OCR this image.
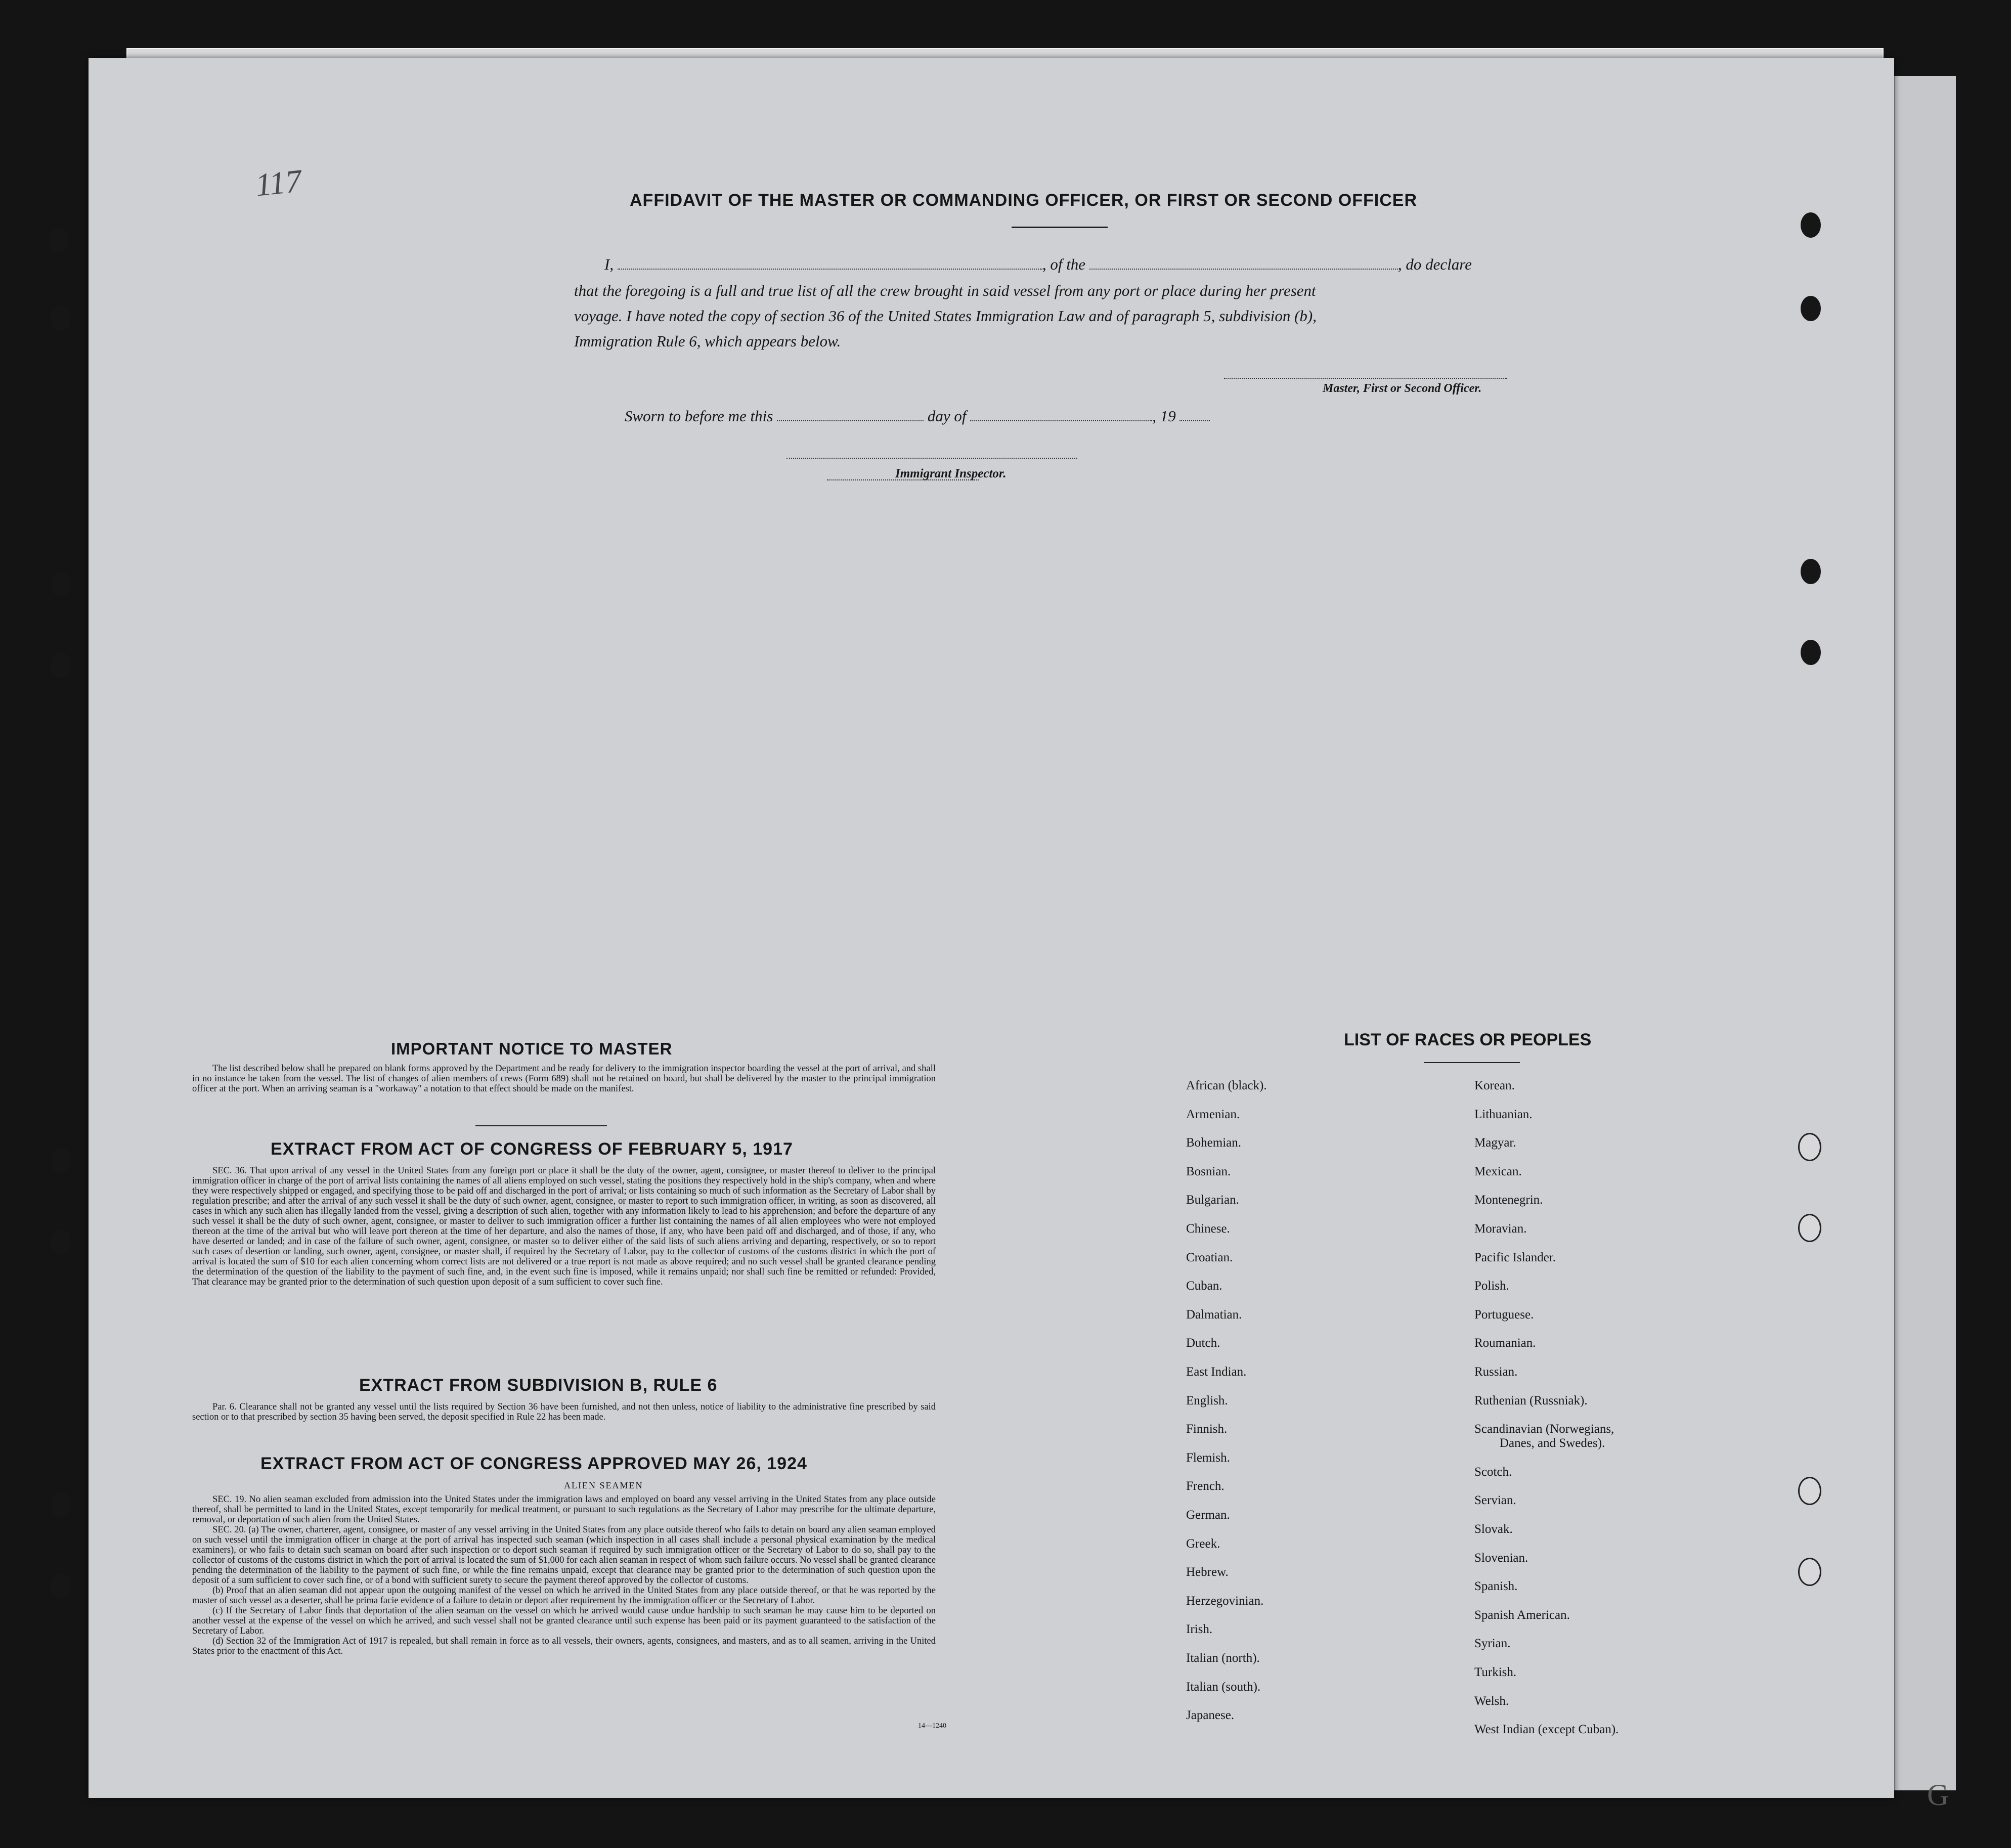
117	AFFIDAVIT OF THE MASTER OR COMMANDING OFFICER, OR FIRST OR SECOND OFFICER
I,	, of the	, do declare
that the foregoing is a full and true list of all the crew brought in said vessel from any port or place during her present
voyage. I have noted the copy of section 36 of the United States Immigration Law and of paragraph 5, subdivision (b),
Immigration Rule 6, which appears below.
Master, First or Second Officer.
Sworn to before me this	day of	, 19
Immigrant Inspector.
IMPORTANT NOTICE TO MASTER

The list described below shall be prepared on blank forms approved by the Department and be ready for delivery to the immigration inspector boarding the vessel at the port of arrival, and shall in no instance be taken from the vessel. The list of changes of alien members of crews (Form 689) shall not be retained on board, but shall be delivered by the master to the principal immigration officer at the port. When an arriving seaman is a "workaway" a notation to that effect should be made on the manifest.

EXTRACT FROM ACT OF CONGRESS OF FEBRUARY 5, 1917

SEC. 36. That upon arrival of any vessel in the United States from any foreign port or place it shall be the duty of the owner, agent, consignee, or master thereof to deliver to the principal immigration officer in charge of the port of arrival lists containing the names of all aliens employed on such vessel, stating the positions they respectively hold in the ship's company, when and where they were respectively shipped or engaged, and specifying those to be paid off and discharged in the port of arrival; or lists containing so much of such information as the Secretary of Labor shall by regulation prescribe; and after the arrival of any such vessel it shall be the duty of such owner, agent, consignee, or master to report to such immigration officer, in writing, as soon as discovered, all cases in which any such alien has illegally landed from the vessel, giving a description of such alien, together with any information likely to lead to his apprehension; and before the departure of any such vessel it shall be the duty of such owner, agent, consignee, or master to deliver to such immigration officer a further list containing the names of all alien employees who were not employed thereon at the time of the arrival but who will leave port thereon at the time of her departure, and also the names of those, if any, who have been paid off and discharged, and of those, if any, who have deserted or landed; and in case of the failure of such owner, agent, consignee, or master so to deliver either of the said lists of such aliens arriving and departing, respectively, or so to report such cases of desertion or landing, such owner, agent, consignee, or master shall, if required by the Secretary of Labor, pay to the collector of customs of the customs district in which the port of arrival is located the sum of $10 for each alien concerning whom correct lists are not delivered or a true report is not made as above required; and no such vessel shall be granted clearance pending the determination of the question of the liability to the payment of such fine, and, in the event such fine is imposed, while it remains unpaid; nor shall such fine be remitted or refunded: Provided, That clearance may be granted prior to the determination of such question upon deposit of a sum sufficient to cover such fine.

EXTRACT FROM SUBDIVISION B, RULE 6

Par. 6. Clearance shall not be granted any vessel until the lists required by Section 36 have been furnished, and not then unless, notice of liability to the administrative fine prescribed by said section or to that prescribed by section 35 having been served, the deposit specified in Rule 22 has been made.

EXTRACT FROM ACT OF CONGRESS APPROVED MAY 26, 1924
ALIEN SEAMEN

SEC. 19. No alien seaman excluded from admission into the United States under the immigration laws and employed on board any vessel arriving in the United States from any place outside thereof, shall be permitted to land in the United States, except temporarily for medical treatment, or pursuant to such regulations as the Secretary of Labor may prescribe for the ultimate departure, removal, or deportation of such alien from the United States.

SEC. 20. (a) The owner, charterer, agent, consignee, or master of any vessel arriving in the United States from any place outside thereof who fails to detain on board any alien seaman employed on such vessel until the immigration officer in charge at the port of arrival has inspected such seaman (which inspection in all cases shall include a personal physical examination by the medical examiners), or who fails to detain such seaman on board after such inspection or to deport such seaman if required by such immigration officer or the Secretary of Labor to do so, shall pay to the collector of customs of the customs district in which the port of arrival is located the sum of $1,000 for each alien seaman in respect of whom such failure occurs. No vessel shall be granted clearance pending the determination of the liability to the payment of such fine, or while the fine remains unpaid, except that clearance may be granted prior to the determination of such question upon the deposit of a sum sufficient to cover such fine, or of a bond with sufficient surety to secure the payment thereof approved by the collector of customs.

(b) Proof that an alien seaman did not appear upon the outgoing manifest of the vessel on which he arrived in the United States from any place outside thereof, or that he was reported by the master of such vessel as a deserter, shall be prima facie evidence of a failure to detain or deport after requirement by the immigration officer or the Secretary of Labor.

(c) If the Secretary of Labor finds that deportation of the alien seaman on the vessel on which he arrived would cause undue hardship to such seaman he may cause him to be deported on another vessel at the expense of the vessel on which he arrived, and such vessel shall not be granted clearance until such expense has been paid or its payment guaranteed to the satisfaction of the Secretary of Labor.

(d) Section 32 of the Immigration Act of 1917 is repealed, but shall remain in force as to all vessels, their owners, agents, consignees, and masters, and as to all seamen, arriving in the United States prior to the enactment of this Act.

14—1240
LIST OF RACES OR PEOPLES
African (black).
Armenian.
Bohemian.
Bosnian.
Bulgarian.
Chinese.
Croatian.
Cuban.
Dalmatian.
Dutch.
East Indian.
English.
Finnish.
Flemish.
French.
German.
Greek.
Hebrew.
Herzegovinian.
Irish.
Italian (north).
Italian (south).
Japanese.
Korean.
Lithuanian.
Magyar.
Mexican.
Montenegrin.
Moravian.
Pacific Islander.
Polish.
Portuguese.
Roumanian.
Russian.
Ruthenian (Russniak).
Scandinavian (Norwegians,
Danes, and Swedes).
Scotch.
Servian.
Slovak.
Slovenian.
Spanish.
Spanish American.
Syrian.
Turkish.
Welsh.
West Indian (except Cuban).
G
